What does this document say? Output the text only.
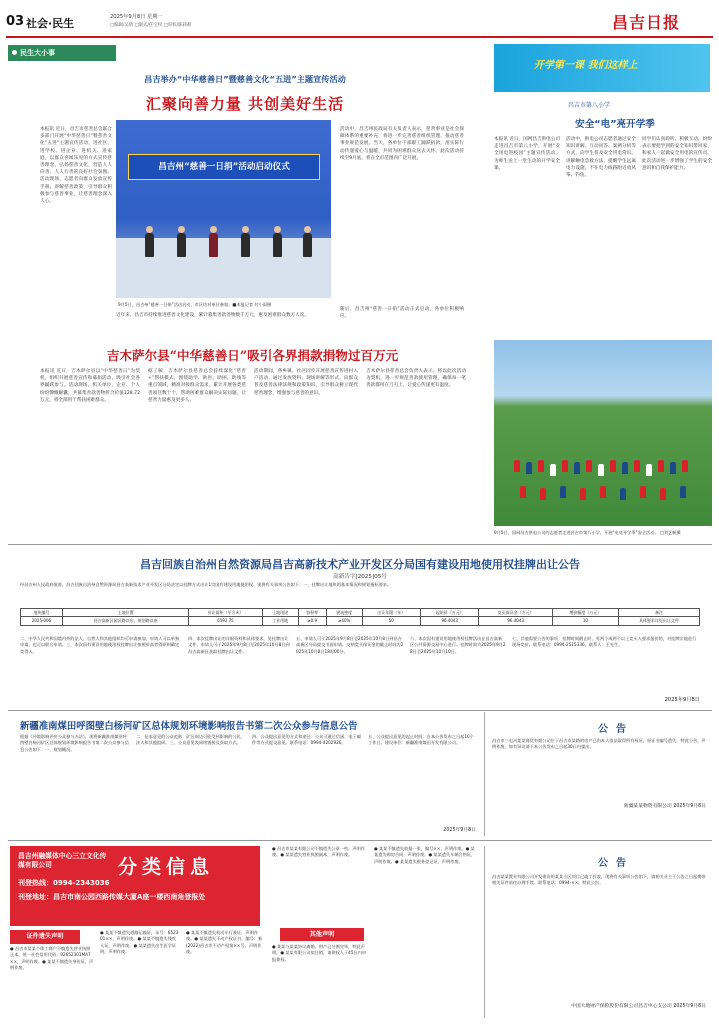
03 社会·民生	2025年9月8日 星期一
□编辑/吴倩 □版式/任宝权 □审校/陈莉莉	昌吉日报
民生大小事
昌吉举办“中华慈善日”暨慈善文化“五进”主题宣传活动
汇聚向善力量 共创美好生活
本报讯 近日，昌吉市慈善总会联合多部门开展“中华慈善日”暨慈善文化“五进”主题宣传活动，进社区、进学校、进企业、进机关、进家庭，以群众喜闻乐见的方式宣传慈善理念，弘扬慈善文化，营造人人向善、人人行善的良好社会氛围。活动现场，志愿者向群众发放宣传手册，讲解慈善政策，引导群众积极参与慈善事业，让慈善理念深入人心。
昌吉州“慈善一日捐”活动启动仪式
9月5日，昌吉州“慈善一日捐”活动启动，市区结对单位参加。■本报记者 付小雨摄
近年来，昌吉市持续推进慈善文化建设，累计募集善款善物数千万元，惠及困难群众数万人次。
活动中，昌吉州民政局有关负责人表示，慈善事业是社会保障体系的重要补充，将进一步完善慈善组织管理，推动慈善事业规范发展。当天，各单位干部职工踊跃捐款，用实际行动传递爱心与温暖，共同为困难群众送去关怀。此次活动持续至9月底，将在全市范围内广泛开展。
随后，昌吉州“慈善一日捐”活动正式启动，各单位积极响应。
吉木萨尔县“中华慈善日”吸引各界捐款捐物过百万元
本报讯 近日，吉木萨尔县以“中华慈善日”为契机，组织开展慈善宣传和募捐活动，吸引社会各界踊跃参与。活动现场，机关单位、企业、个人纷纷慷慨解囊，共募集善款善物折合价值128.72万元，将全部用于帮扶困难群众。
据了解，吉木萨尔县慈善总会持续深化“慈善+”帮扶模式，围绕助学、助医、助困、助残等重点领域，精准对接群众需求，累计开展各类慈善项目数十个，帮助困难群众解决实际问题，让慈善力量惠及更多人。
活动期间，各乡镇、社区同步开展慈善宣传进村入户活动，通过发放资料、现场讲解等形式，向群众普及慈善法律法规和政策知识，引导群众树立现代慈善理念，增强参与慈善的意识。
吉木萨尔县慈善总会负责人表示，将以此次活动为契机，进一步规范善款使用管理，确保每一笔善款都用在刀刃上，让爱心传递更有温度。
开学第一课 我们这样上
昌吉市第八小学
安全“电”亮开学季
本报讯 近日，国网昌吉供电公司走进昌吉市第八小学，开展“安全用电进校园”主题宣传活动，为师生送上一堂生动的开学安全课。
活动中，供电公司志愿者通过安全知识讲解、互动问答、案例分析等方式，向学生普及安全用电常识，讲解触电急救方法，提醒学生远离电力设施，不在电力线路附近放风筝、钓鱼。
同学们认真聆听、积极互动，纷纷表示要把学到的安全知识带回家，和家人一起做安全用电的宣传员。此次活动进一步增强了学生的安全意识和自我保护能力。
9月5日，国网昌吉供电公司的志愿者走进昌吉市第八小学，开展“电亮开学季”安全活动。 □刘艺帆摄
昌吉回族自治州自然资源局昌吉高新技术产业开发区分局国有建设用地使用权挂牌出让公告
高新告字[2025]05号
经昌吉州人民政府批准，昌吉回族自治州自然资源局昌吉高新技术产业开发区分局决定以挂牌方式出让1宗国有建设用地使用权。现将有关事项公告如下：一、挂牌出让地块的基本情况和规划指标要求。
地块编号	土地位置	出让面积（平方米）	土地用途	容积率	建筑密度	出让年限（年）	起始价（万元）	竞买保证金（万元）	增价幅度（万元）	备注
2025-006	昌吉高新区园区路以东、规划路以南	6592.75	工业用地	≥0.9	≥40%	50	96.4043	96.4043	10	具体要求详见出让文件
二、中华人民共和国境内外的法人、自然人和其他组织均可申请参加，申请人可以单独申请，也可以联合申请。三、本次国有建设用地使用权挂牌出让按照价高者得原则确定竞得人。
四、本次挂牌出让的详细资料和具体要求，见挂牌出让文件。申请人可于2025年9月8日至2025年10月8日到昌吉高新区获取挂牌出让文件。
五、申请人可于2025年9月8日至2025年10月8日到昌吉高新区分局提交书面申请。交纳竞买保证金的截止时间为2025年10月8日18时00分。
六、本次国有建设用地使用权挂牌活动在昌吉高新区公共资源交易中心进行。挂牌时间为2025年9月28日至2025年10月10日。
七、其他需要公告的事项：挂牌时间截止时，有两个或两个以上竞买人要求报价的，对挂牌宗地进行现场竞价。联系电话：0994-2515336。联系人：王先生。
2025年9月8日
新疆准南煤田呼图壁白杨河矿区总体规划环境影响报告书第二次公众参与信息公告
根据《环境影响评价公众参与办法》，现将新疆准南煤田呼图壁白杨河矿区总体规划环境影响报告书第二次公众参与信息公告如下：一、规划概况。
二、征求意见的公众范围：矿区周边可能受到影响的公民、法人和其他组织。三、公众意见表网络链接及获取方式。
四、公众提出意见的方式和途径：公众可通过信函、电子邮件等方式提交意见。联系电话：0994-4202926。
五、公众提出意见的起止时间：自本公告发布之日起10个工作日。建设单位：新疆准南煤田开发有限公司。
2025年9月8日
公告
昌吉市三屯河某某商贸有限公司位于昌吉市某路的房产已由本人依法取得所有权证，原证书编号遗失，特此公告，声明作废，如有异议请于本公告发布之日起30日内提出。
新疆某某物资有限公司 2025年9月8日
昌吉州融媒体中心三立文化传媒有限公司	分类信息
刊登热线：0994-2343036
刊登地址：昌吉市南公园西路传媒大厦A座一楼西南角登报处
证件遗失声明
● 昌吉市某某个体工商户不慎遗失营业执照正本，统一社会信用代码：92652301MA7××，声明作废。● 某某不慎遗失身份证，声明作废。
● 某某不慎遗失道路运输证，证号：652301××，声明作废。● 某某不慎遗失残疾人证，声明作废。● 某某遗失出生医学证明，声明作废。
● 某某不慎遗失机动车行驶证，声明作废。● 某某遗失不动产权证书，编号：新(2022)昌吉市不动产权第××号，声明作废。
● 昌吉市某某有限公司不慎遗失公章一枚，声明作废。● 某某遗失营业执照副本，声明作废。
其他声明
● 某某与某某协议离婚，财产已分割完毕，特此声明。● 某某有限公司拟注销，请债权人于45日内申报债权。
● 某某不慎遗失收据一张，编号××，声明作废。● 某某遗失购房合同，声明作废。● 某某遗失车辆合格证，声明作废。● 某某遗失税务登记证，声明作废。	公告
昌吉某某置业有限公司开发建设的某某小区项目已竣工验收，现将有关事项公告如下，请相关业主于公告之日起携带相关证件前往办理手续。联系电话：0994-××。特此公告。
中国大地财产保险股份有限公司昌吉中心支公司 2025年9月8日
